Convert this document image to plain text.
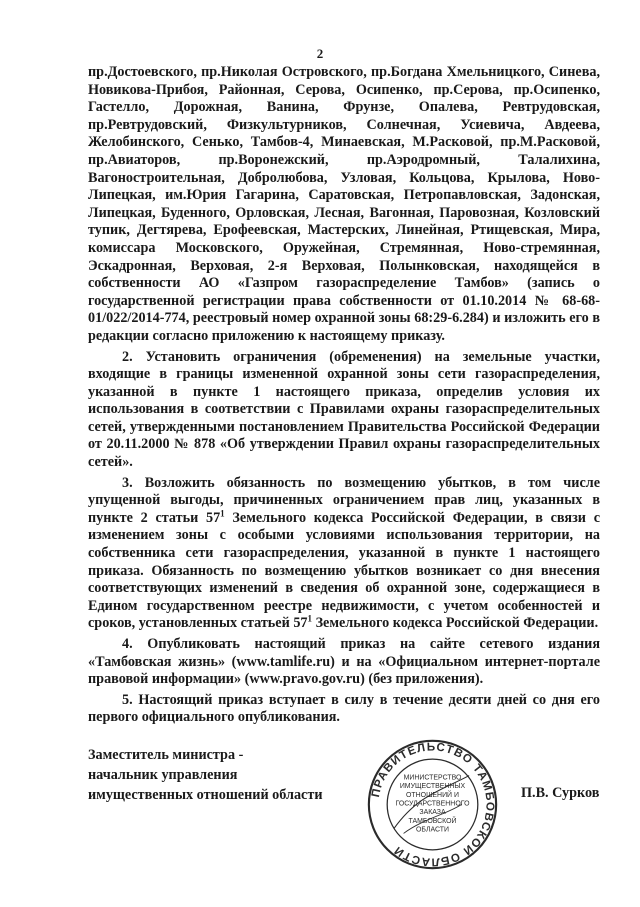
2

пр.Достоевского, пр.Николая Островского, пр.Богдана Хмельницкого, Синева, Новикова-Прибоя, Районная, Серова, Осипенко, пр.Серова, пр.Осипенко, Гастелло, Дорожная, Ванина, Фрунзе, Опалева, Ревтрудовская, пр.Ревтрудовский, Физкультурников, Солнечная, Усиевича, Авдеева, Желобинского, Сенько, Тамбов-4, Минаевская, М.Расковой, пр.М.Расковой, пр.Авиаторов, пр.Воронежский, пр.Аэродромный, Талалихина, Вагоностроительная, Добролюбова, Узловая, Кольцова, Крылова, Ново-Липецкая, им.Юрия Гагарина, Саратовская, Петропавловская, Задонская, Липецкая, Буденного, Орловская, Лесная, Вагонная, Паровозная, Козловский тупик, Дегтярева, Ерофеевская, Мастерских, Линейная, Ртищевская, Мира, комиссара Московского, Оружейная, Стремянная, Ново-стремянная, Эскадронная, Верховая, 2-я Верховая, Полынковская, находящейся в собственности АО «Газпром газораспределение Тамбов» (запись о государственной регистрации права собственности от 01.10.2014 № 68-68-01/022/2014-774, реестровый номер охранной зоны 68:29-6.284) и изложить его в редакции согласно приложению к настоящему приказу.

2. Установить ограничения (обременения) на земельные участки, входящие в границы измененной охранной зоны сети газораспределения, указанной в пункте 1 настоящего приказа, определив условия их использования в соответствии с Правилами охраны газораспределительных сетей, утвержденными постановлением Правительства Российской Федерации от 20.11.2000 № 878 «Об утверждении Правил охраны газораспределительных сетей».

3. Возложить обязанность по возмещению убытков, в том числе упущенной выгоды, причиненных ограничением прав лиц, указанных в пункте 2 статьи $57^1$ Земельного кодекса Российской Федерации, в связи с изменением зоны с особыми условиями использования территории, на собственника сети газораспределения, указанной в пункте 1 настоящего приказа. Обязанность по возмещению убытков возникает со дня внесения соответствующих изменений в сведения об охранной зоне, содержащиеся в Едином государственном реестре недвижимости, с учетом особенностей и сроков, установленных статьей $57^1$ Земельного кодекса Российской Федерации.

4. Опубликовать настоящий приказ на сайте сетевого издания «Тамбовская жизнь» (www.tamlife.ru) и на «Официальном интернет-портале правовой информации» (www.pravo.gov.ru) (без приложения).

5. Настоящий приказ вступает в силу в течение десяти дней со дня его первого официального опубликования.

Заместитель министра -
начальник управления
имущественных отношений области	П.В. Сурков
ПРАВИТЕЛЬСТВО ТАМБОВСКОЙ ОБЛАСТИ
МИНИСТЕРСТВО
ИМУЩЕСТВЕННЫХ
ОТНОШЕНИЙ И
ГОСУДАРСТВЕННОГО
ЗАКАЗА
ТАМБОВСКОЙ
ОБЛАСТИ
